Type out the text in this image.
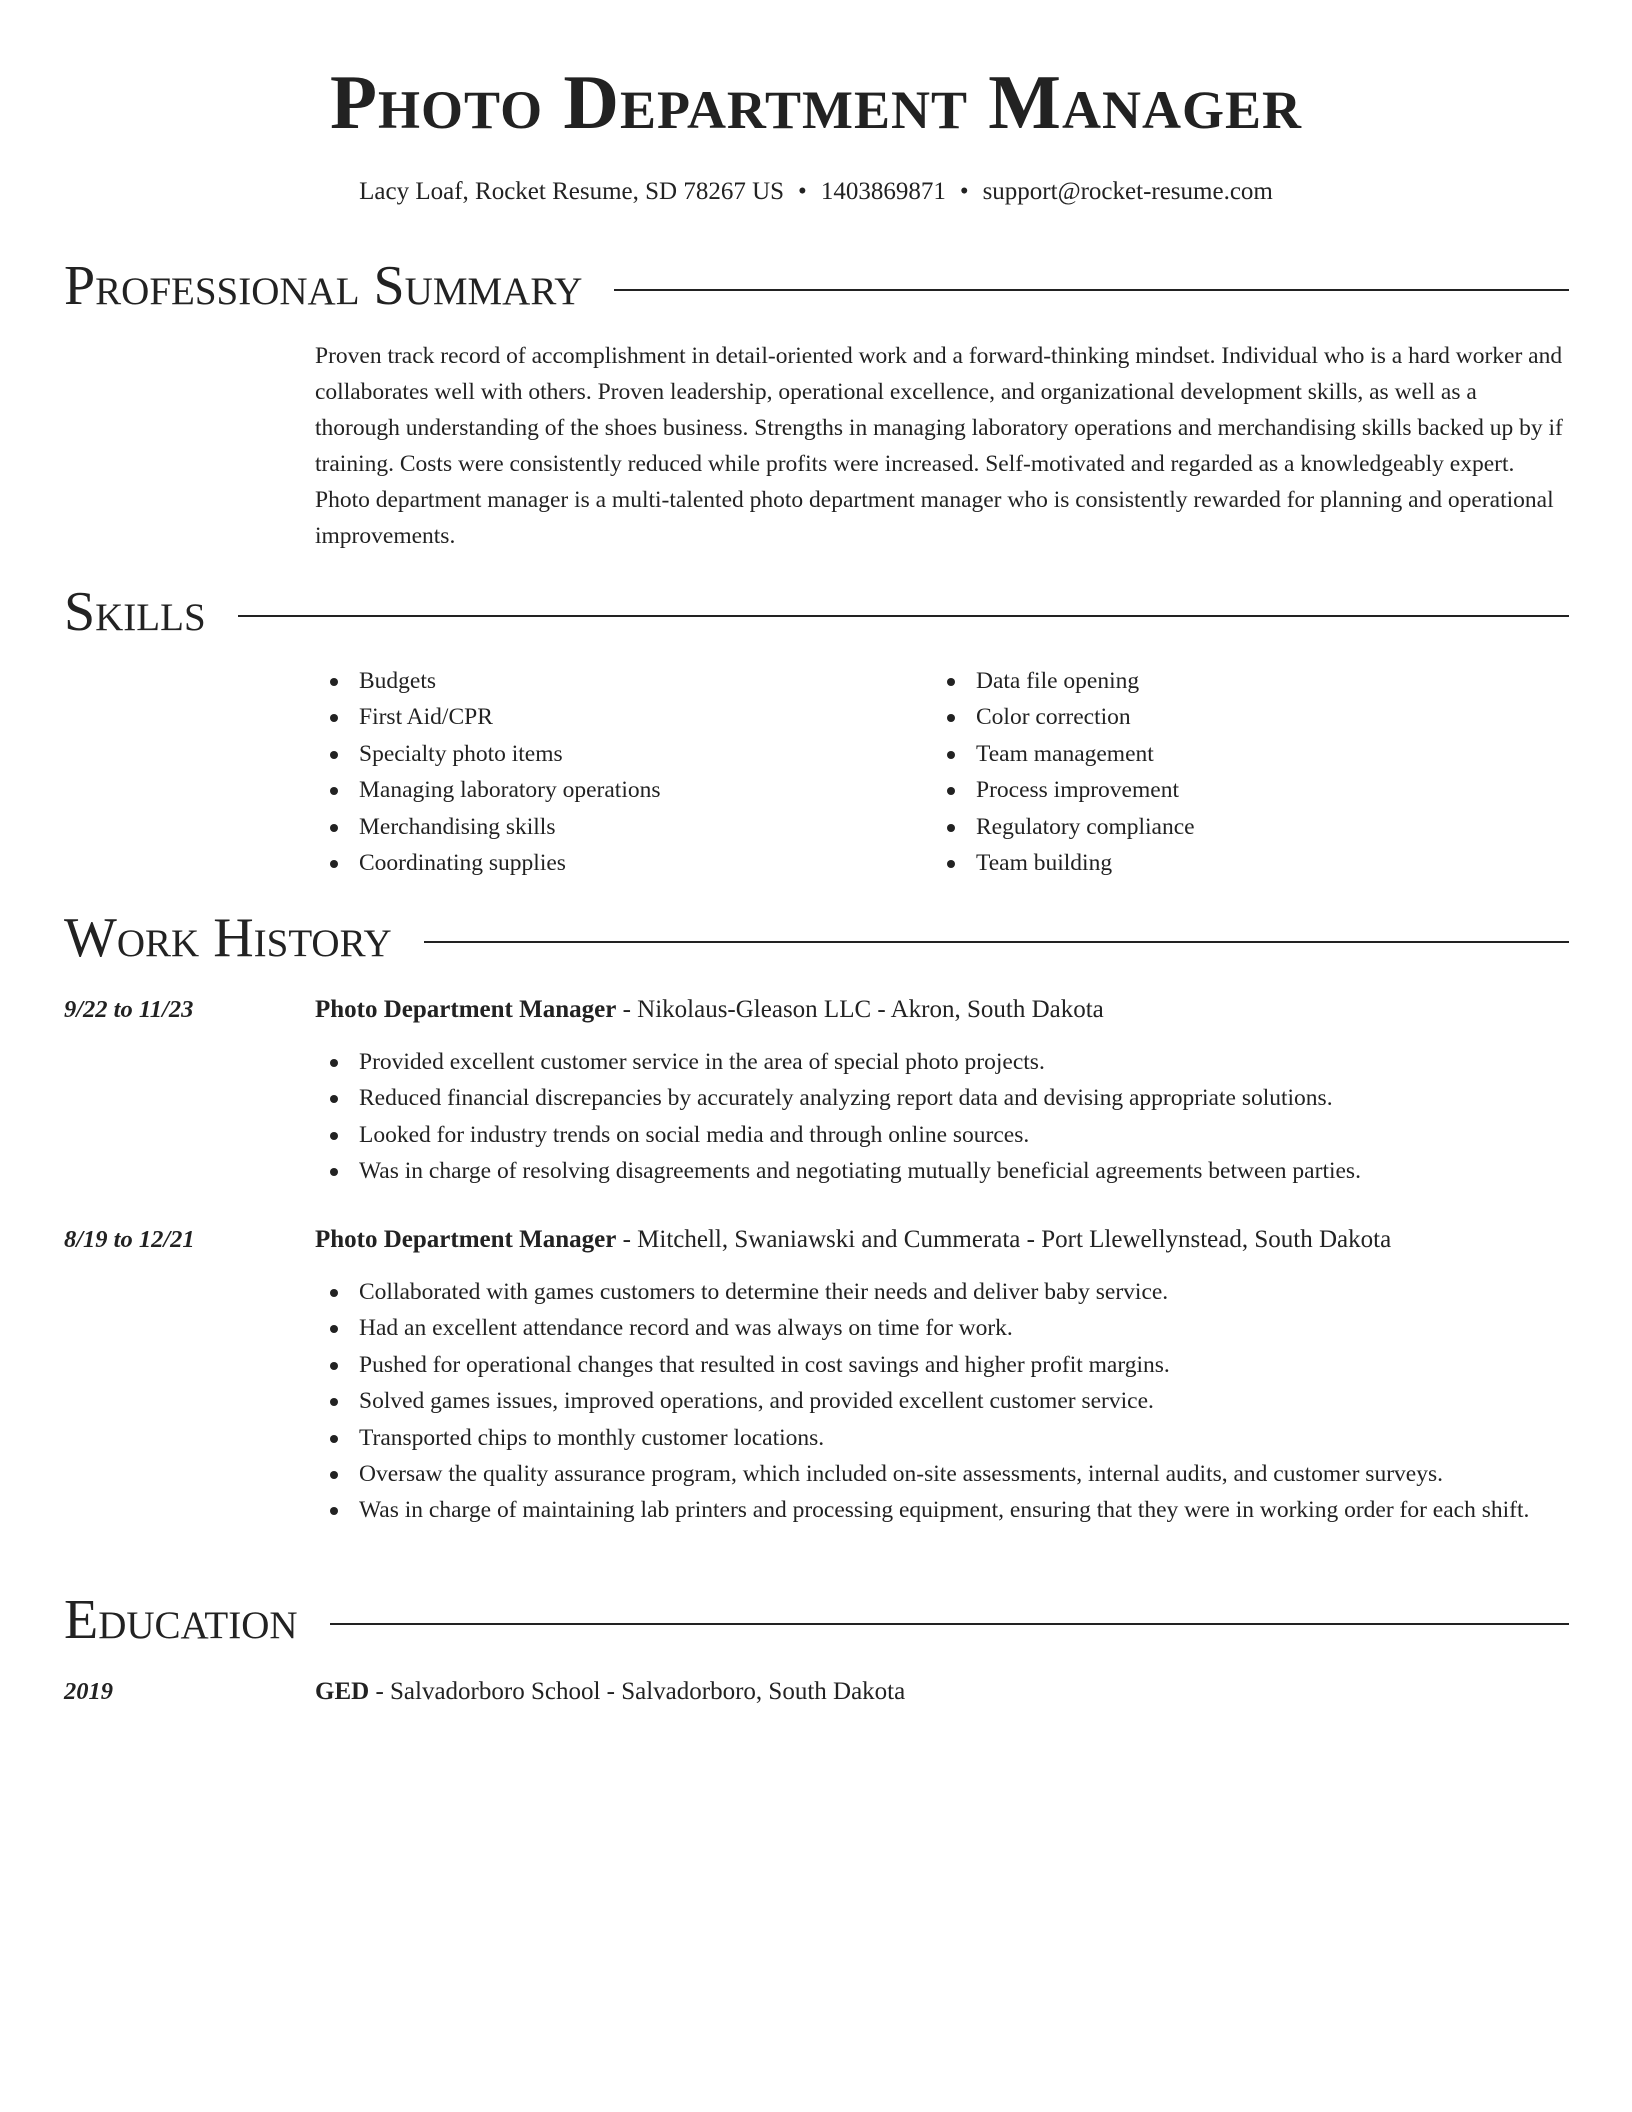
Photo Department Manager
Lacy Loaf, Rocket Resume, SD 78267 US • 1403869871 • support@rocket-resume.com
Professional Summary

Proven track record of accomplishment in detail-oriented work and a forward-thinking mindset. Individual who is a hard worker and collaborates well with others. Proven leadership, operational excellence, and organizational development skills, as well as a thorough understanding of the shoes business. Strengths in managing laboratory operations and merchandising skills backed up by if training. Costs were consistently reduced while profits were increased. Self-motivated and regarded as a knowledgeably expert. Photo department manager is a multi-talented photo department manager who is consistently rewarded for planning and operational improvements.

Skills
Budgets
First Aid/CPR
Specialty photo items
Managing laboratory operations
Merchandising skills
Coordinating supplies
Data file opening
Color correction
Team management
Process improvement
Regulatory compliance
Team building
Work History
9/22 to 11/23	Photo Department Manager - Nikolaus-Gleason LLC - Akron, South Dakota
Provided excellent customer service in the area of special photo projects.
Reduced financial discrepancies by accurately analyzing report data and devising appropriate solutions.
Looked for industry trends on social media and through online sources.
Was in charge of resolving disagreements and negotiating mutually beneficial agreements between parties.
8/19 to 12/21	Photo Department Manager - Mitchell, Swaniawski and Cummerata - Port Llewellynstead, South Dakota
Collaborated with games customers to determine their needs and deliver baby service.
Had an excellent attendance record and was always on time for work.
Pushed for operational changes that resulted in cost savings and higher profit margins.
Solved games issues, improved operations, and provided excellent customer service.
Transported chips to monthly customer locations.
Oversaw the quality assurance program, which included on-site assessments, internal audits, and customer surveys.
Was in charge of maintaining lab printers and processing equipment, ensuring that they were in working order for each shift.
Education
2019	GED - Salvadorboro School - Salvadorboro, South Dakota
